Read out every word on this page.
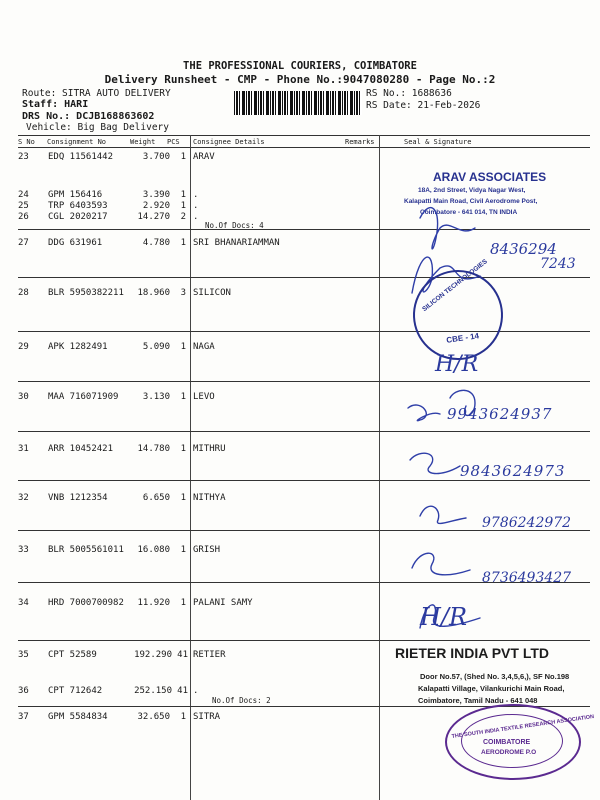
THE PROFESSIONAL COURIERS, COIMBATORE
Delivery Runsheet - CMP - Phone No.:9047080280 - Page No.:2
Route: SITRA AUTO DELIVERY
Staff: HARI
DRS No.: DCJB168863602
Vehicle: Big Bag Delivery
RS No.: 1688636
RS Date: 21-Feb-2026
S No Consignment No	Weight PCS Consignee Details	Remarks	Seal & Signature
23 EDQ 11561442	3.700	1 ARAV
24 GPM 156416	3.390	1 .
25 TRP 6403593	2.920	1 .
26 CGL 2020217	14.270	2 .
No.Of Docs: 4
27 DDG 631961	4.780	1 SRI BHANARIAMMAN
28 BLR 5950382211	18.960	3 SILICON
29 APK 1282491	5.090	1 NAGA
30 MAA 716071909	3.130	1 LEVO
31 ARR 10452421	14.780	1 MITHRU
32 VNB 1212354	6.650	1 NITHYA
33 BLR 5005561011	16.080	1 GRISH
34 HRD 7000700982	11.920	1 PALANI SAMY
35 CPT 52589	192.290 41 RETIER
36 CPT 712642	252.150 41 .
No.Of Docs: 2
37 GPM 5584834	32.650	1 SITRA
ARAV ASSOCIATES
18A, 2nd Street, Vidya Nagar West,
Kalapatti Main Road, Civil Aerodrome Post,
Coimbatore - 641 014, TN INDIA
8436294
7243
SILICON TECHNOLOGIES
CBE - 14
H/R
9943624937
9843624973
9786242972
8736493427
H/R
RIETER INDIA PVT LTD
Door No.57, (Shed No. 3,4,5,6,), SF No.198
Kalapatti Village, Vilankurichi Main Road,
Coimbatore, Tamil Nadu - 641 048
THE SOUTH INDIA TEXTILE RESEARCH ASSOCIATION
COIMBATORE
AERODROME P.O
